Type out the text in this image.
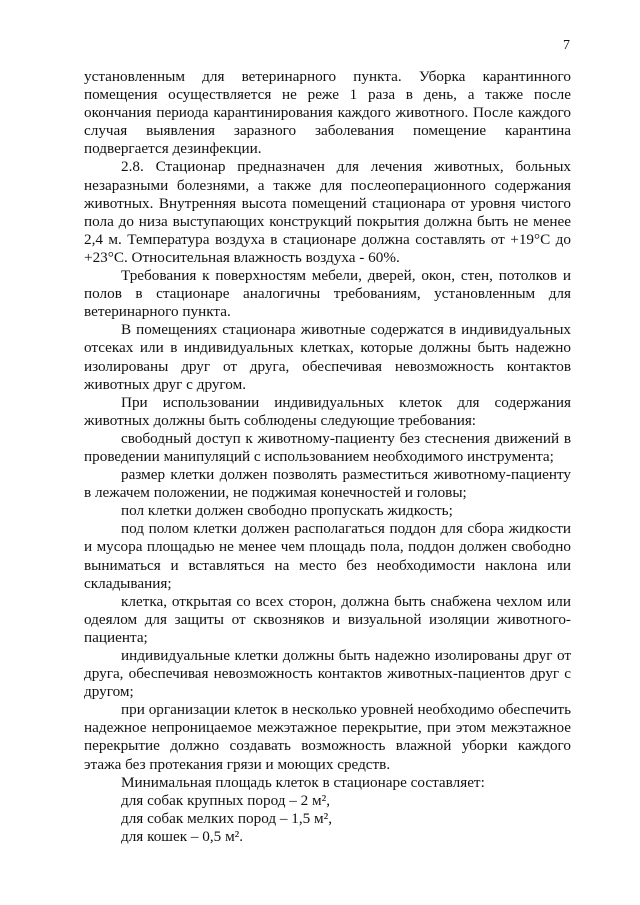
7

установленным для ветеринарного пункта. Уборка карантинного помещения осуществляется не реже 1 раза в день, а также после окончания периода карантинирования каждого животного. После каждого случая выявления заразного заболевания помещение карантина подвергается дезинфекции.

2.8. Стационар предназначен для лечения животных, больных незаразными болезнями, а также для послеоперационного содержания животных. Внутренняя высота помещений стационара от уровня чистого пола до низа выступающих конструкций покрытия должна быть не менее 2,4 м. Температура воздуха в стационаре должна составлять от +19°С до +23°С. Относительная влажность воздуха - 60%.

Требования к поверхностям мебели, дверей, окон, стен, потолков и полов в стационаре аналогичны требованиям, установленным для ветеринарного пункта.

В помещениях стационара животные содержатся в индивидуальных отсеках или в индивидуальных клетках, которые должны быть надежно изолированы друг от друга, обеспечивая невозможность контактов животных друг с другом.

При использовании индивидуальных клеток для содержания животных должны быть соблюдены следующие требования:

свободный доступ к животному-пациенту без стеснения движений в проведении манипуляций с использованием необходимого инструмента;

размер клетки должен позволять разместиться животному-пациенту в лежачем положении, не поджимая конечностей и головы;

пол клетки должен свободно пропускать жидкость;

под полом клетки должен располагаться поддон для сбора жидкости и мусора площадью не менее чем площадь пола, поддон должен свободно выниматься и вставляться на место без необходимости наклона или складывания;

клетка, открытая со всех сторон, должна быть снабжена чехлом или одеялом для защиты от сквозняков и визуальной изоляции животного-пациента;

индивидуальные клетки должны быть надежно изолированы друг от друга, обеспечивая невозможность контактов животных-пациентов друг с другом;

при организации клеток в несколько уровней необходимо обеспечить надежное непроницаемое межэтажное перекрытие, при этом межэтажное перекрытие должно создавать возможность влажной уборки каждого этажа без протекания грязи и моющих средств.

Минимальная площадь клеток в стационаре составляет:

для собак крупных пород – 2 м²,

для собак мелких пород – 1,5 м²,

для кошек – 0,5 м².
